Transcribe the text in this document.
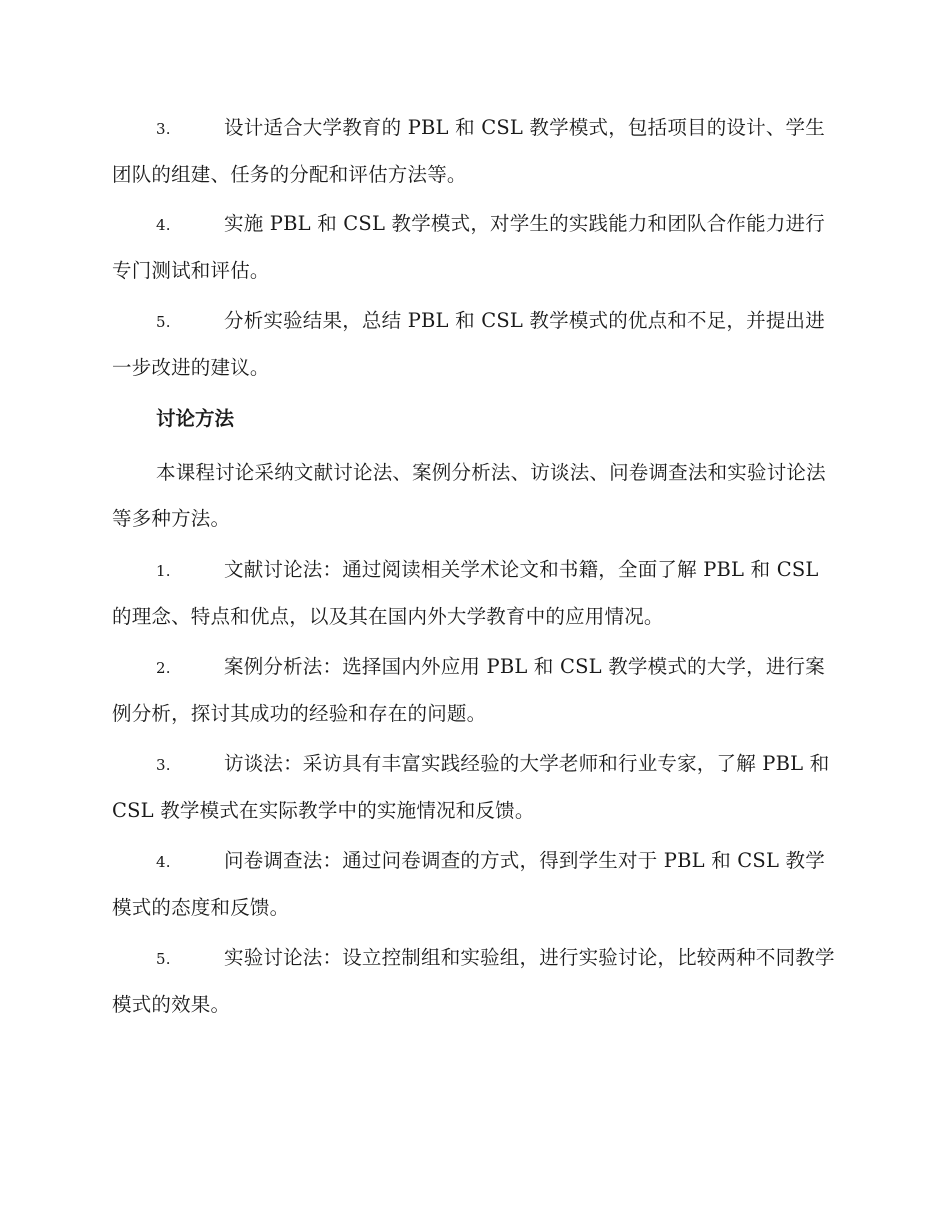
3.	设计适合大学教育的 PBL 和 CSL 教学模式，包括项目的设计、学生团队的组建、任务的分配和评估方法等。

4.	实施 PBL 和 CSL 教学模式，对学生的实践能力和团队合作能力进行专门测试和评估。

5.	分析实验结果，总结 PBL 和 CSL 教学模式的优点和不足，并提出进一步改进的建议。

讨论方法

本课程讨论采纳文献讨论法、案例分析法、访谈法、问卷调查法和实验讨论法等多种方法。

1.	文献讨论法：通过阅读相关学术论文和书籍，全面了解 PBL 和 CSL 的理念、特点和优点，以及其在国内外大学教育中的应用情况。

2.	案例分析法：选择国内外应用 PBL 和 CSL 教学模式的大学，进行案例分析，探讨其成功的经验和存在的问题。

3.	访谈法：采访具有丰富实践经验的大学老师和行业专家，了解 PBL 和 CSL 教学模式在实际教学中的实施情况和反馈。

4.	问卷调查法：通过问卷调查的方式，得到学生对于 PBL 和 CSL 教学模式的态度和反馈。

5.	实验讨论法：设立控制组和实验组，进行实验讨论，比较两种不同教学模式的效果。
